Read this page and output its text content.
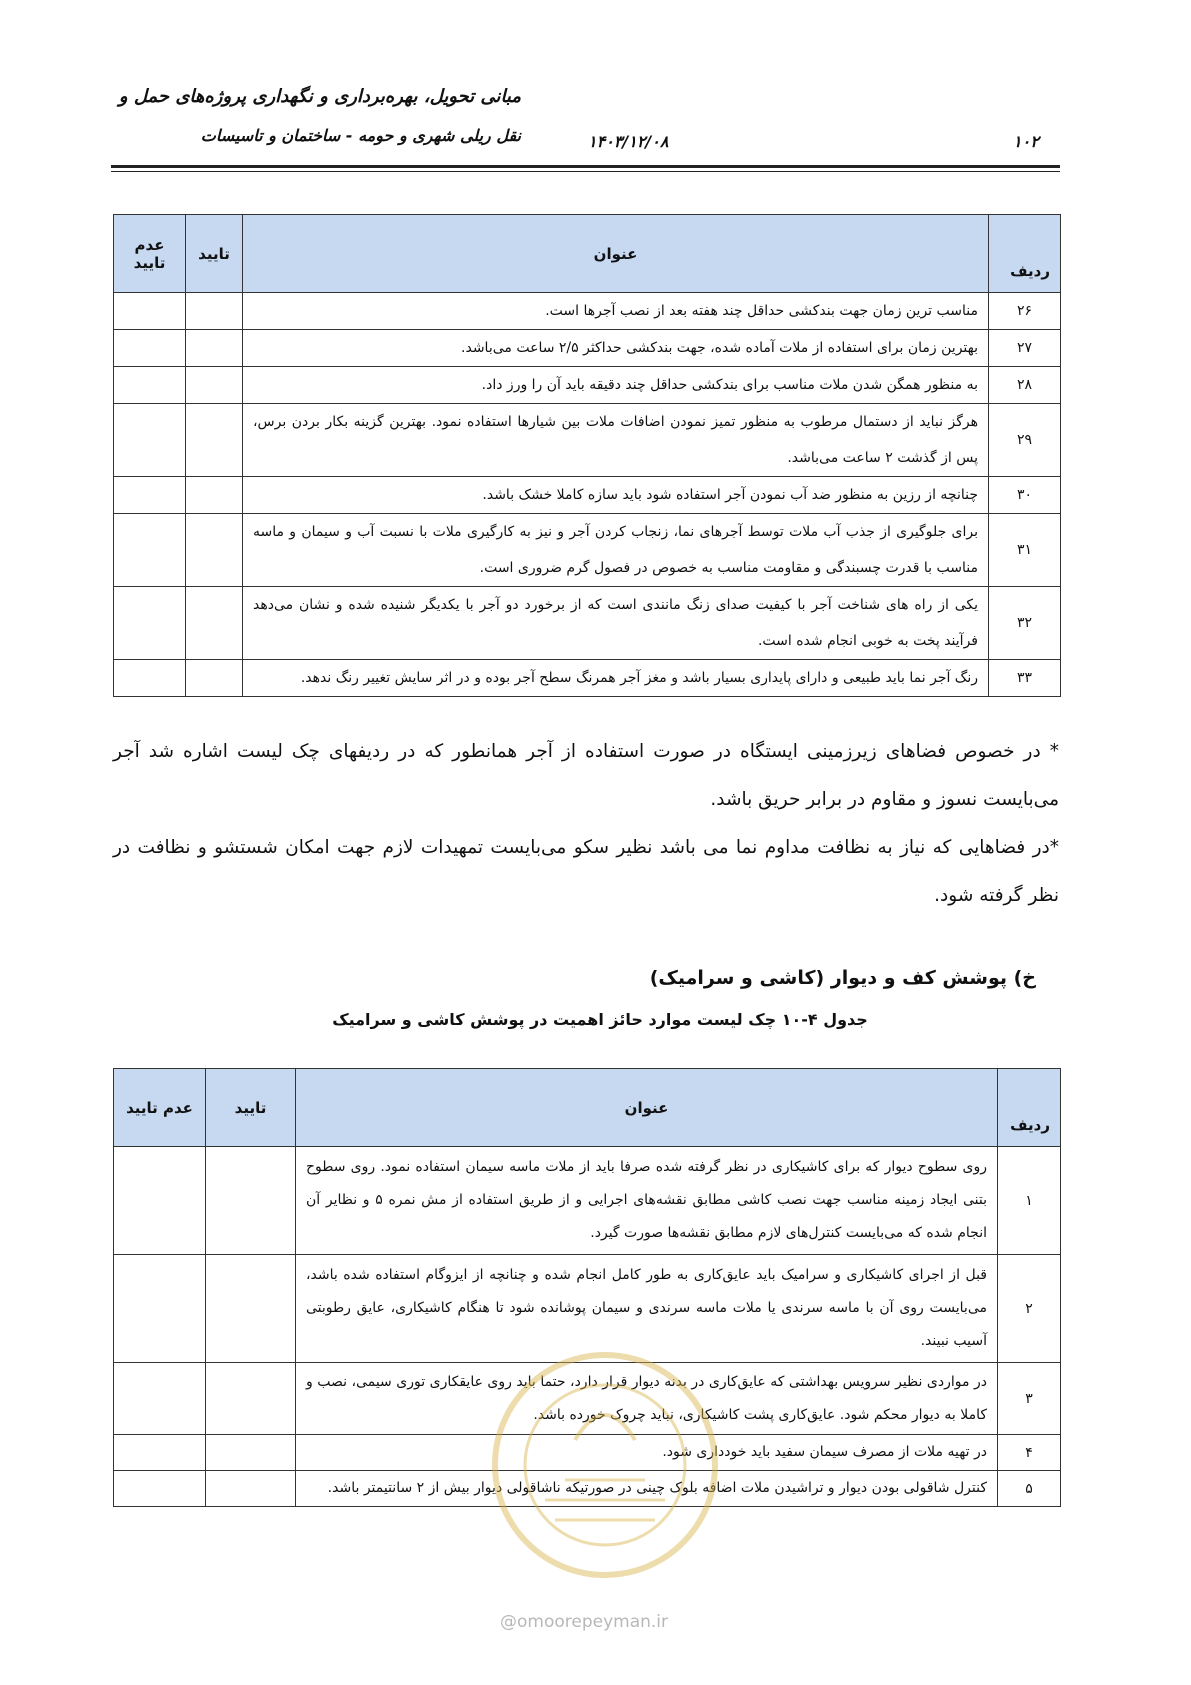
مبانی تحویل، بهره‌برداری و نگهداری پروژه‌های حمل و
نقل ریلی شهری و حومه - ساختمان و تاسیسات	۱۴۰۳/۱۲/۰۸	۱۰۲
ردیف	عنوان	تایید	عدم تایید
۲۶	مناسب ترین زمان جهت بندکشی حداقل چند هفته بعد از نصب آجرها است.		
۲۷	بهترین زمان برای استفاده از ملات آماده شده، جهت بندکشی حداکثر ۲/۵ ساعت می‌باشد.		
۲۸	به منظور همگن شدن ملات مناسب برای بندکشی حداقل چند دقیقه باید آن را ورز داد.		
۲۹	هرگز نباید از دستمال مرطوب به منظور تمیز نمودن اضافات ملات بین شیارها استفاده نمود. بهترین گزینه بکار بردن برس، پس از گذشت ۲ ساعت می‌باشد.		
۳۰	چنانچه از رزین به منظور ضد آب نمودن آجر استفاده شود باید سازه کاملا خشک باشد.		
۳۱	برای جلوگیری از جذب آب ملات توسط آجرهای نما، زنجاب کردن آجر و نیز به کارگیری ملات با نسبت آب و سیمان و ماسه مناسب با قدرت چسبندگی و مقاومت مناسب به خصوص در فصول گرم ضروری است.		
۳۲	یکی از راه های شناخت آجر با کیفیت صدای زنگ مانندی است که از برخورد دو آجر با یکدیگر شنیده شده و نشان می‌دهد فرآیند پخت به خوبی انجام شده است.		
۳۳	رنگ آجر نما باید طبیعی و دارای پایداری بسیار باشد و مغز آجر همرنگ سطح آجر بوده و در اثر سایش تغییر رنگ ندهد.		

* در خصوص فضاهای زیرزمینی ایستگاه در صورت استفاده از آجر همانطور که در ردیفهای چک لیست اشاره شد آجر می‌بایست نسوز و مقاوم در برابر حریق باشد.

*در فضاهایی که نیاز به نظافت مداوم نما می باشد نظیر سکو می‌بایست تمهیدات لازم جهت امکان شستشو و نظافت در نظر گرفته شود.

خ) پوشش کف و دیوار (کاشی و سرامیک)
جدول ۴-۱۰ چک لیست موارد حائز اهمیت در پوشش کاشی و سرامیک
ردیف	عنوان	تایید	عدم تایید
۱	روی سطوح دیوار که برای کاشیکاری در نظر گرفته شده صرفا باید از ملات ماسه سیمان استفاده نمود. روی سطوح بتنی ایجاد زمینه مناسب جهت نصب کاشی مطابق نقشه‌های اجرایی و از طریق استفاده از مش نمره ۵ و نظایر آن انجام شده که می‌بایست کنترل‌های لازم مطابق نقشه‌ها صورت گیرد.		
۲	قبل از اجرای کاشیکاری و سرامیک باید عایق‌کاری به طور کامل انجام شده و چنانچه از ایزوگام استفاده شده باشد، می‌بایست روی آن با ماسه سرندی یا ملات ماسه سرندی و سیمان پوشانده شود تا هنگام کاشیکاری، عایق رطوبتی آسیب نبیند.		
۳	در مواردی نظیر سرویس بهداشتی که عایق‌کاری در بدنه دیوار قرار دارد، حتما باید روی عایقکاری توری سیمی، نصب و کاملا به دیوار محکم شود. عایق‌کاری پشت کاشیکاری، نباید چروک خورده باشد.		
۴	در تهیه ملات از مصرف سیمان سفید باید خودداری شود.		
۵	کنترل شاقولی بودن دیوار و تراشیدن ملات اضافه بلوک چینی در صورتیکه ناشاقولی دیوار بیش از ۲ سانتیمتر باشد.		
@omoorepeyman.ir
